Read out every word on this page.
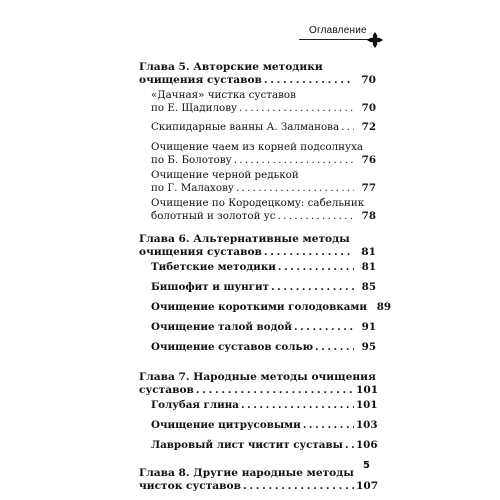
Оглавление
Глава 5. Авторские методики
очищения суставов . . .	70
«Дачная» чистка суставов
по Е. Щадилову . . .	70
Скипидарные ванны А. Залманова . . .	72
Очищение чаем из корней подсолнуха
по Б. Болотову . . .	76
Очищение черной редькой
по Г. Малахову . . .	77
Очищение по Кородецкому: сабельник
болотный и золотой ус . . .	78
Глава 6. Альтернативные методы
очищения суставов . . .	81
Тибетские методики . . .	81
Бишофит и шунгит . . .	85
Очищение короткими голодовками 89
Очищение талой водой . . .	91
Очищение суставов солью . . .	95
Глава 7. Народные методы очищения
суставов . . .	101
Голубая глина . . .	101
Очищение цитрусовыми . . .	103
Лавровый лист чистит суставы . . . 106
Глава 8. Другие народные методы
чисток суставов . . .	107
5
